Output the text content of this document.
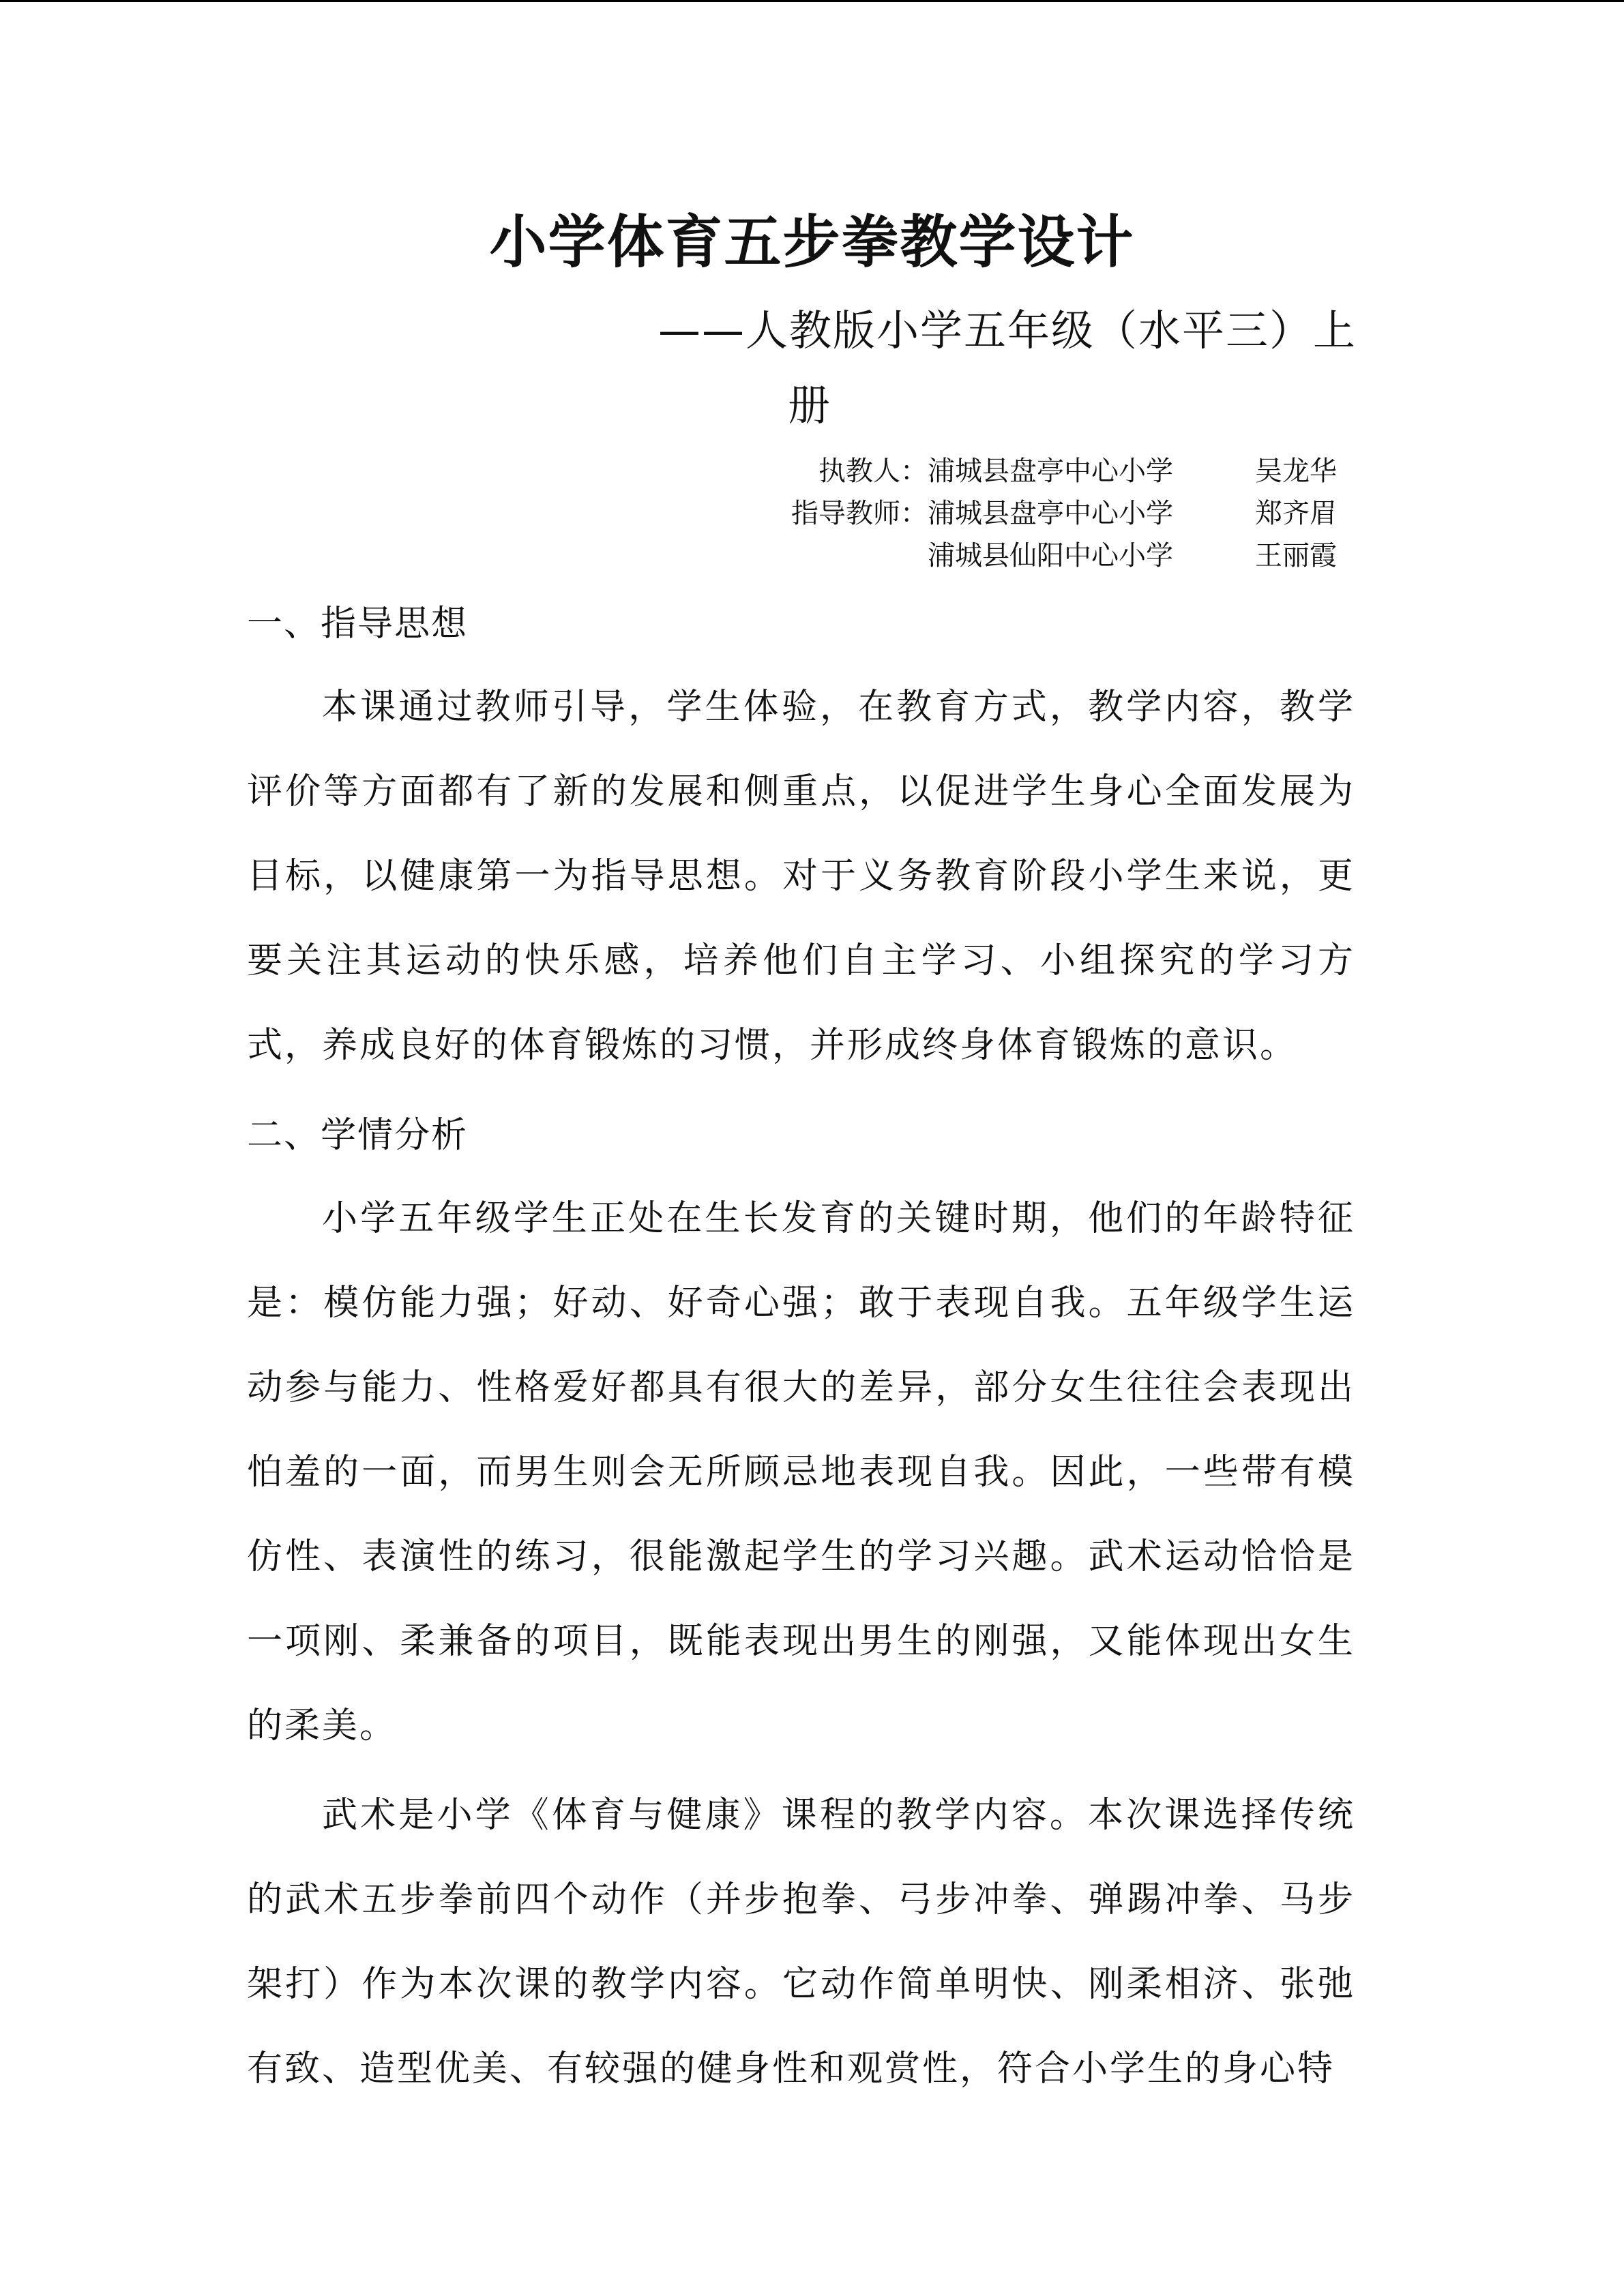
小学体育五步拳教学设计
——人教版小学五年级（水平三）上
册
执教人： 浦城县盘亭中心小学	吴龙华
指导教师： 浦城县盘亭中心小学	郑齐眉
浦城县仙阳中心小学	王丽霞
一、指导思想

本课通过教师引导，学生体验，在教育方式，教学内容，教学评价等方面都有了新的发展和侧重点，以促进学生身心全面发展为目标，以健康第一为指导思想。对于义务教育阶段小学生来说，更要关注其运动的快乐感，培养他们自主学习、小组探究的学习方式，养成良好的体育锻炼的习惯，并形成终身体育锻炼的意识。

二、学情分析

小学五年级学生正处在生长发育的关键时期，他们的年龄特征是：模仿能力强；好动、好奇心强；敢于表现自我。五年级学生运动参与能力、性格爱好都具有很大的差异，部分女生往往会表现出怕羞的一面，而男生则会无所顾忌地表现自我。因此，一些带有模仿性、表演性的练习，很能激起学生的学习兴趣。武术运动恰恰是一项刚、柔兼备的项目，既能表现出男生的刚强，又能体现出女生的柔美。

武术是小学《体育与健康》课程的教学内容。本次课选择传统的武术五步拳前四个动作（并步抱拳、弓步冲拳、弹踢冲拳、马步架打）作为本次课的教学内容。它动作简单明快、刚柔相济、张弛有致、造型优美、有较强的健身性和观赏性，符合小学生的身心特
